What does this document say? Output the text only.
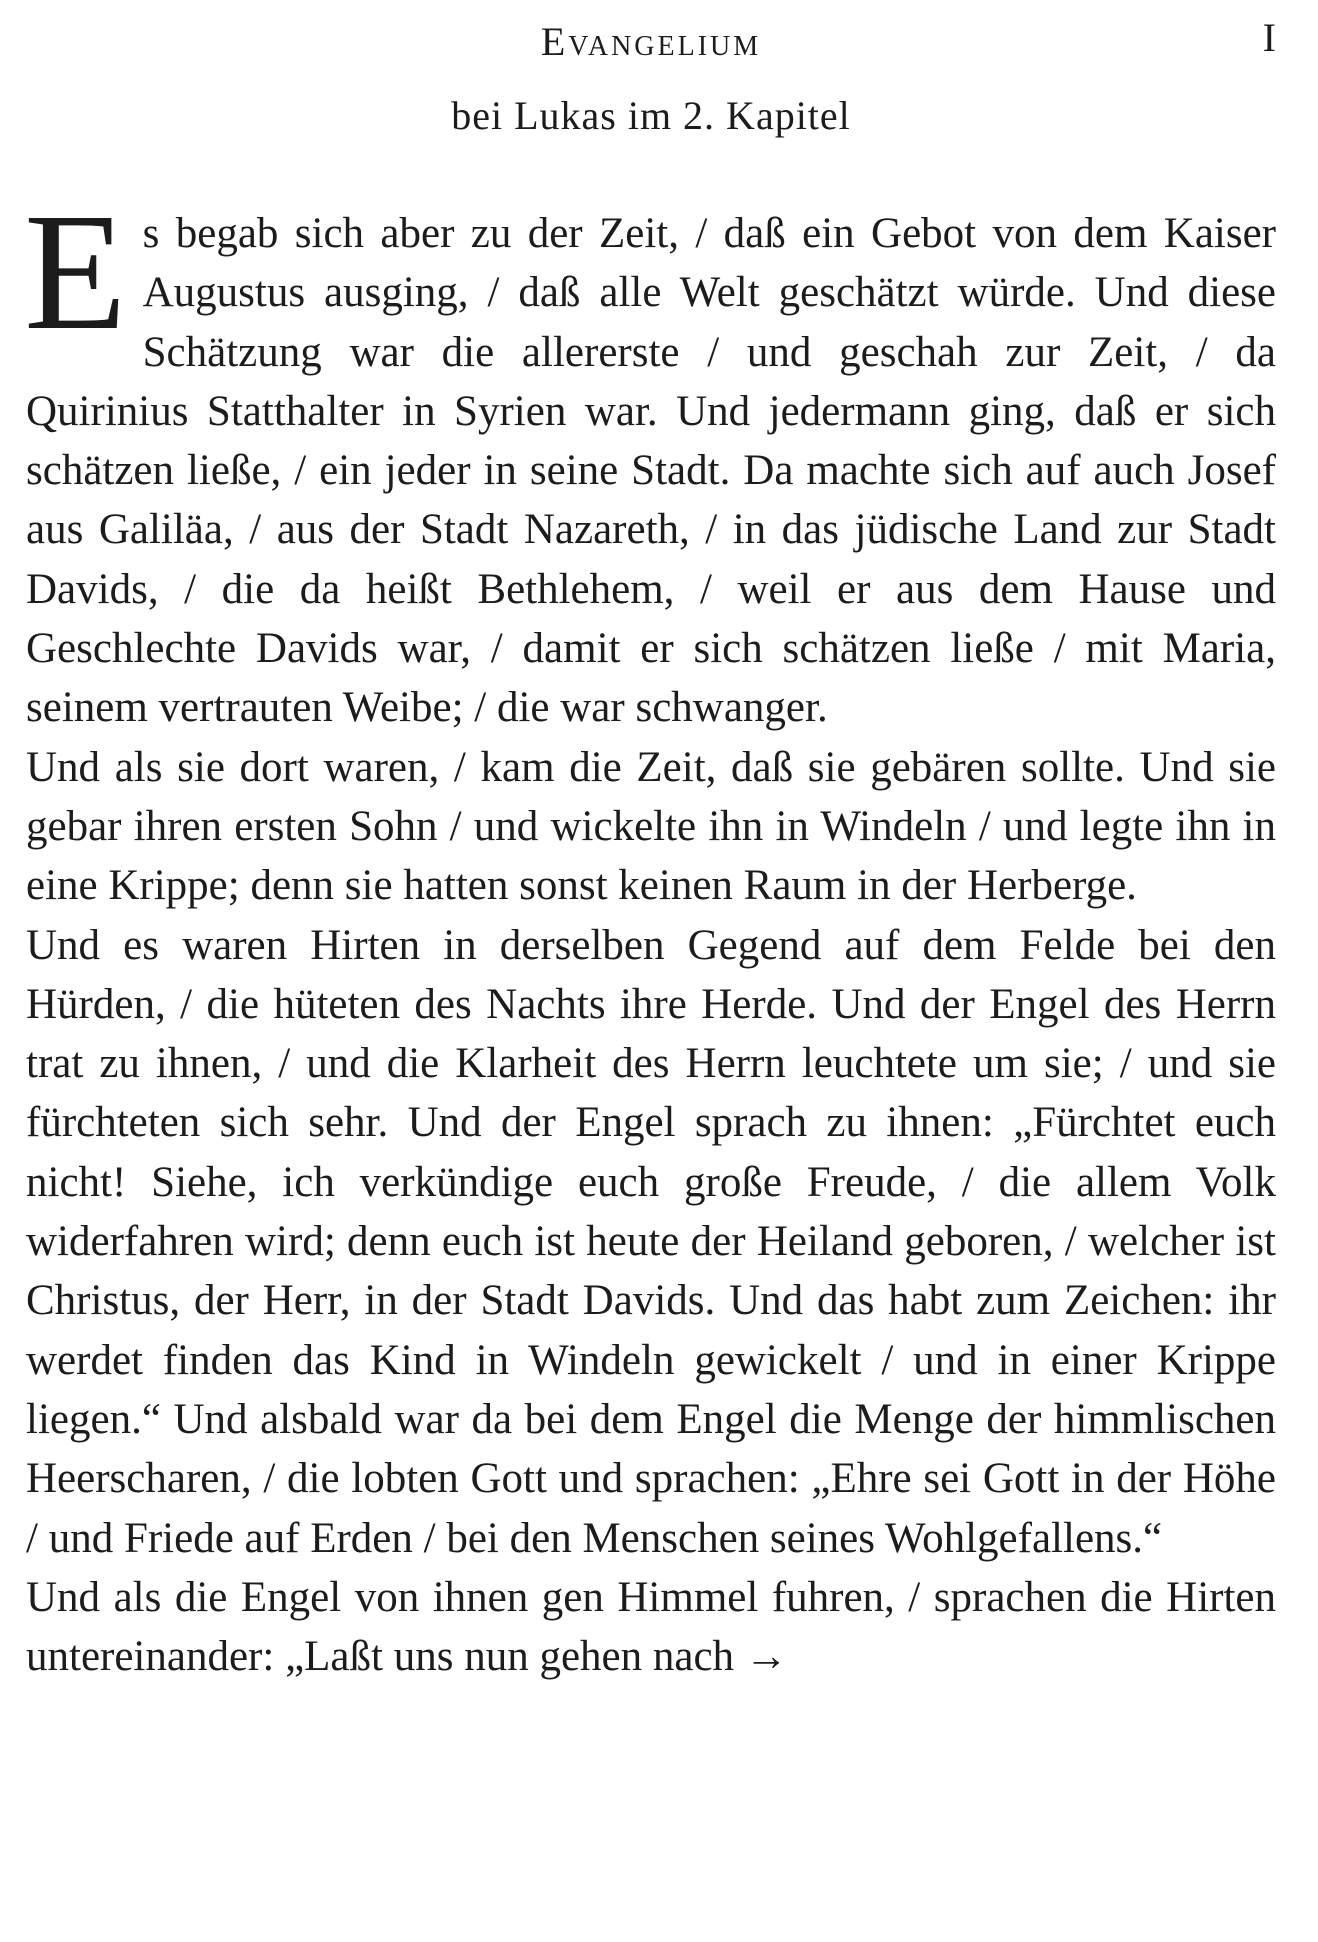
Evangelium	I
bei Lukas im 2. Kapitel

Es begab sich aber zu der Zeit, / daß ein Gebot von dem Kaiser Augustus ausging, / daß alle Welt geschätzt würde. Und diese Schätzung war die allererste / und geschah zur Zeit, / da Quirinius Statthalter in Syrien war. Und jedermann ging, daß er sich schätzen ließe, / ein jeder in seine Stadt. Da machte sich auf auch Josef aus Galiläa, / aus der Stadt Nazareth, / in das jüdische Land zur Stadt Davids, / die da heißt Bethlehem, / weil er aus dem Hause und Geschlechte Davids war, / damit er sich schätzen ließe / mit Maria, seinem vertrauten Weibe; / die war schwanger.

Und als sie dort waren, / kam die Zeit, daß sie gebären sollte. Und sie gebar ihren ersten Sohn / und wickelte ihn in Windeln / und legte ihn in eine Krippe; denn sie hatten sonst keinen Raum in der Herberge.

Und es waren Hirten in derselben Gegend auf dem Felde bei den Hürden, / die hüteten des Nachts ihre Herde. Und der Engel des Herrn trat zu ihnen, / und die Klarheit des Herrn leuchtete um sie; / und sie fürchteten sich sehr. Und der Engel sprach zu ihnen: „Fürchtet euch nicht! Siehe, ich verkündige euch große Freude, / die allem Volk widerfahren wird; denn euch ist heute der Heiland geboren, / welcher ist Christus, der Herr, in der Stadt Davids. Und das habt zum Zeichen: ihr werdet finden das Kind in Windeln gewickelt / und in einer Krippe liegen.“ Und alsbald war da bei dem Engel die Menge der himmlischen Heerscharen, / die lobten Gott und sprachen: „Ehre sei Gott in der Höhe / und Friede auf Erden / bei den Menschen seines Wohlgefallens.“

Und als die Engel von ihnen gen Himmel fuhren, / sprachen die Hirten untereinander: „Laßt uns nun gehen nach →
